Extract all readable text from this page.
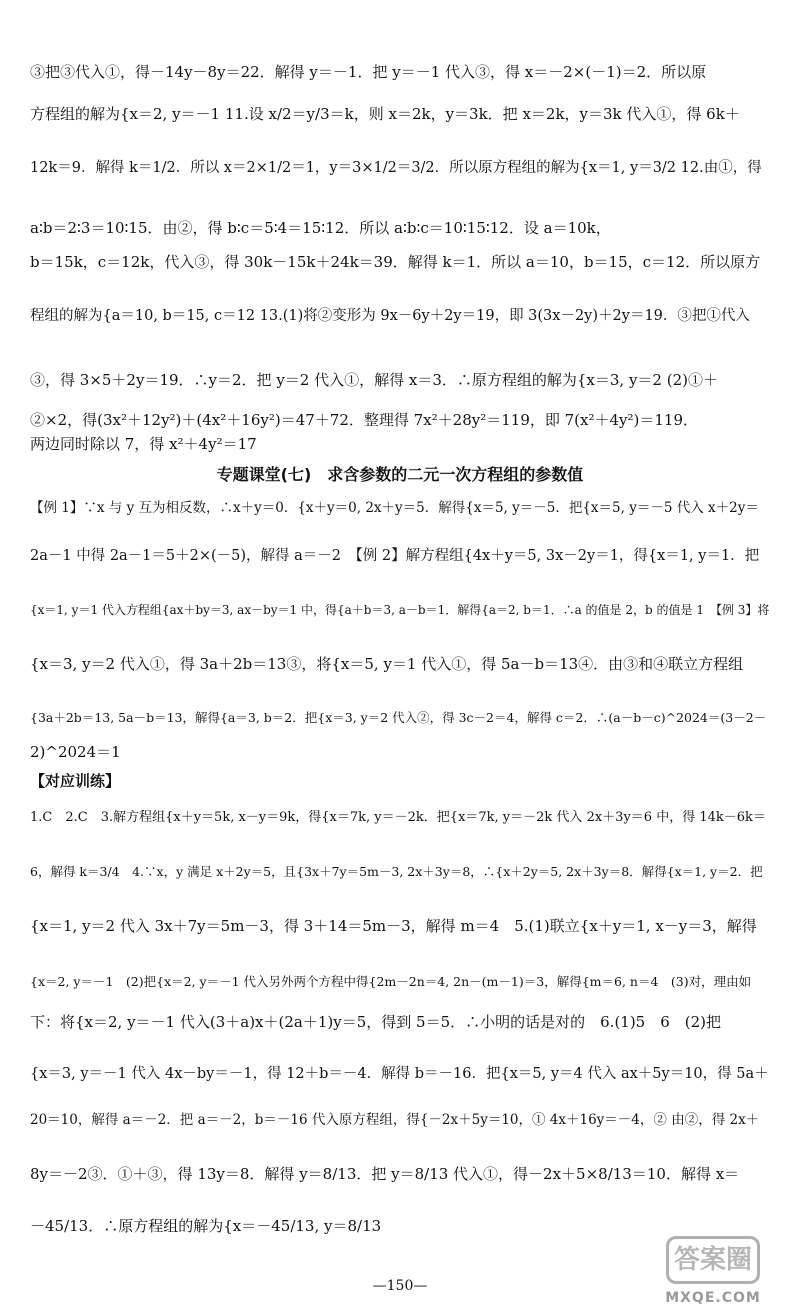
③把③代入①，得－14y－8y＝22．解得 y＝－1．把 y＝－1 代入③，得 x＝－2×(－1)＝2．所以原
方程组的解为{x＝2, y＝－1 11.设 x/2＝y/3＝k，则 x＝2k，y＝3k．把 x＝2k，y＝3k 代入①，得 6k＋
12k＝9．解得 k＝1/2．所以 x＝2×1/2＝1，y＝3×1/2＝3/2．所以原方程组的解为{x＝1, y＝3/2 12.由①，得
a∶b＝2∶3＝10∶15．由②，得 b∶c＝5∶4＝15∶12．所以 a∶b∶c＝10∶15∶12．设 a＝10k，
b＝15k，c＝12k，代入③，得 30k－15k＋24k＝39．解得 k＝1．所以 a＝10，b＝15，c＝12．所以原方
程组的解为{a＝10, b＝15, c＝12 13.(1)将②变形为 9x－6y＋2y＝19，即 3(3x－2y)＋2y＝19．③把①代入
③，得 3×5＋2y＝19．∴y＝2．把 y＝2 代入①，解得 x＝3．∴原方程组的解为{x＝3, y＝2 (2)①＋
②×2，得(3x²＋12y²)＋(4x²＋16y²)＝47＋72．整理得 7x²＋28y²＝119，即 7(x²＋4y²)＝119．
两边同时除以 7，得 x²＋4y²＝17
专题课堂(七)　求含参数的二元一次方程组的参数值
【例 1】∵x 与 y 互为相反数，∴x＋y＝0．{x＋y＝0, 2x＋y＝5．解得{x＝5, y＝－5．把{x＝5, y＝－5 代入 x＋2y＝
2a－1 中得 2a－1＝5＋2×(－5)，解得 a＝－2　【例 2】解方程组{4x＋y＝5, 3x－2y＝1，得{x＝1, y＝1．把
{x＝1, y＝1 代入方程组{ax＋by＝3, ax－by＝1 中，得{a＋b＝3, a－b＝1．解得{a＝2, b＝1．∴a 的值是 2，b 的值是 1　【例 3】将
{x＝3, y＝2 代入①，得 3a＋2b＝13③，将{x＝5, y＝1 代入①，得 5a－b＝13④．由③和④联立方程组
{3a＋2b＝13, 5a－b＝13，解得{a＝3, b＝2．把{x＝3, y＝2 代入②，得 3c－2＝4，解得 c＝2．∴(a－b－c)^2024＝(3－2－
2)^2024＝1
【对应训练】
1.C　2.C　3.解方程组{x＋y＝5k, x－y＝9k，得{x＝7k, y＝－2k．把{x＝7k, y＝－2k 代入 2x＋3y＝6 中，得 14k－6k＝
6，解得 k＝3/4　4.∵x，y 满足 x＋2y＝5，且{3x＋7y＝5m－3, 2x＋3y＝8，∴{x＋2y＝5, 2x＋3y＝8．解得{x＝1, y＝2．把
{x＝1, y＝2 代入 3x＋7y＝5m－3，得 3＋14＝5m－3，解得 m＝4　5.(1)联立{x＋y＝1, x－y＝3，解得
{x＝2, y＝－1　(2)把{x＝2, y＝－1 代入另外两个方程中得{2m－2n＝4, 2n－(m－1)＝3，解得{m＝6, n＝4　(3)对，理由如
下：将{x＝2, y＝－1 代入(3＋a)x＋(2a＋1)y＝5，得到 5＝5．∴小明的话是对的　6.(1)5　6　(2)把
{x＝3, y＝－1 代入 4x－by＝－1，得 12＋b＝－4．解得 b＝－16．把{x＝5, y＝4 代入 ax＋5y＝10，得 5a＋
20＝10，解得 a＝－2．把 a＝－2，b＝－16 代入原方程组，得{－2x＋5y＝10，① 4x＋16y＝－4，② 由②，得 2x＋
8y＝－2③．①＋③，得 13y＝8．解得 y＝8/13．把 y＝8/13 代入①，得－2x＋5×8/13＝10．解得 x＝
－45/13．∴原方程组的解为{x＝－45/13, y＝8/13
—150—
答案圈
MXQE.COM
